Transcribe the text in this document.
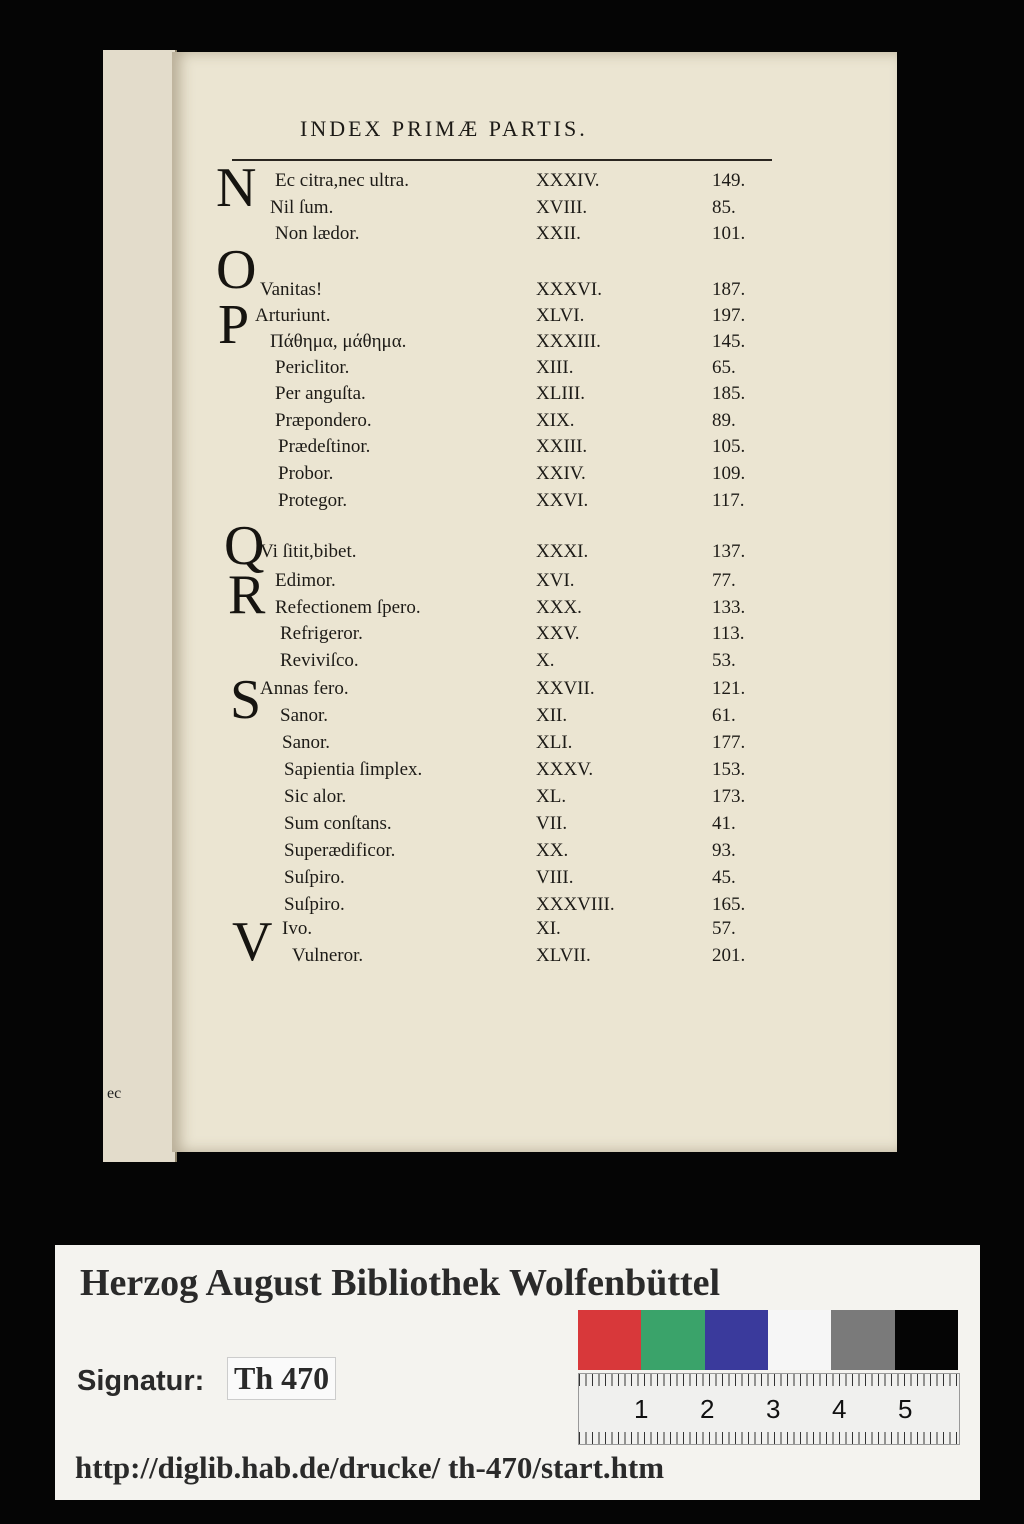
ec
INDEX PRIMÆ PARTIS.
Ec citra,nec ultra.	XXXIV.	149.
Nil ſum.	XVIII.	85.
Non lædor.	XXII.	101.
Vanitas!	XXXVI.	187.
Arturiunt.	XLVI.	197.
Πάθημα, μάθημα.	XXXIII.	145.
Periclitor.	XIII.	65.
Per anguſta.	XLIII.	185.
Præpondero.	XIX.	89.
Prædeſtinor.	XXIII.	105.
Probor.	XXIV.	109.
Protegor.	XXVI.	117.
Vi ſitit,bibet.	XXXI.	137.
Edimor.	XVI.	77.
Refectionem ſpero.	XXX.	133.
Refrigeror.	XXV.	113.
Reviviſco.	X.	53.
Annas fero.	XXVII.	121.
Sanor.	XII.	61.
Sanor.	XLI.	177.
Sapientia ſimplex.	XXXV.	153.
Sic alor.	XL.	173.
Sum conſtans.	VII.	41.
Superædificor.	XX.	93.
Suſpiro.	VIII.	45.
Suſpiro.	XXXVIII.	165.
Ivo.	XI.	57.
Vulneror.	XLVII.	201.
N
O
P
Q
R
S
V
Herzog August Bibliothek Wolfenbüttel
Signatur: Th 470
http://diglib.hab.de/drucke/ th-470/start.htm
1 2 3 4 5
